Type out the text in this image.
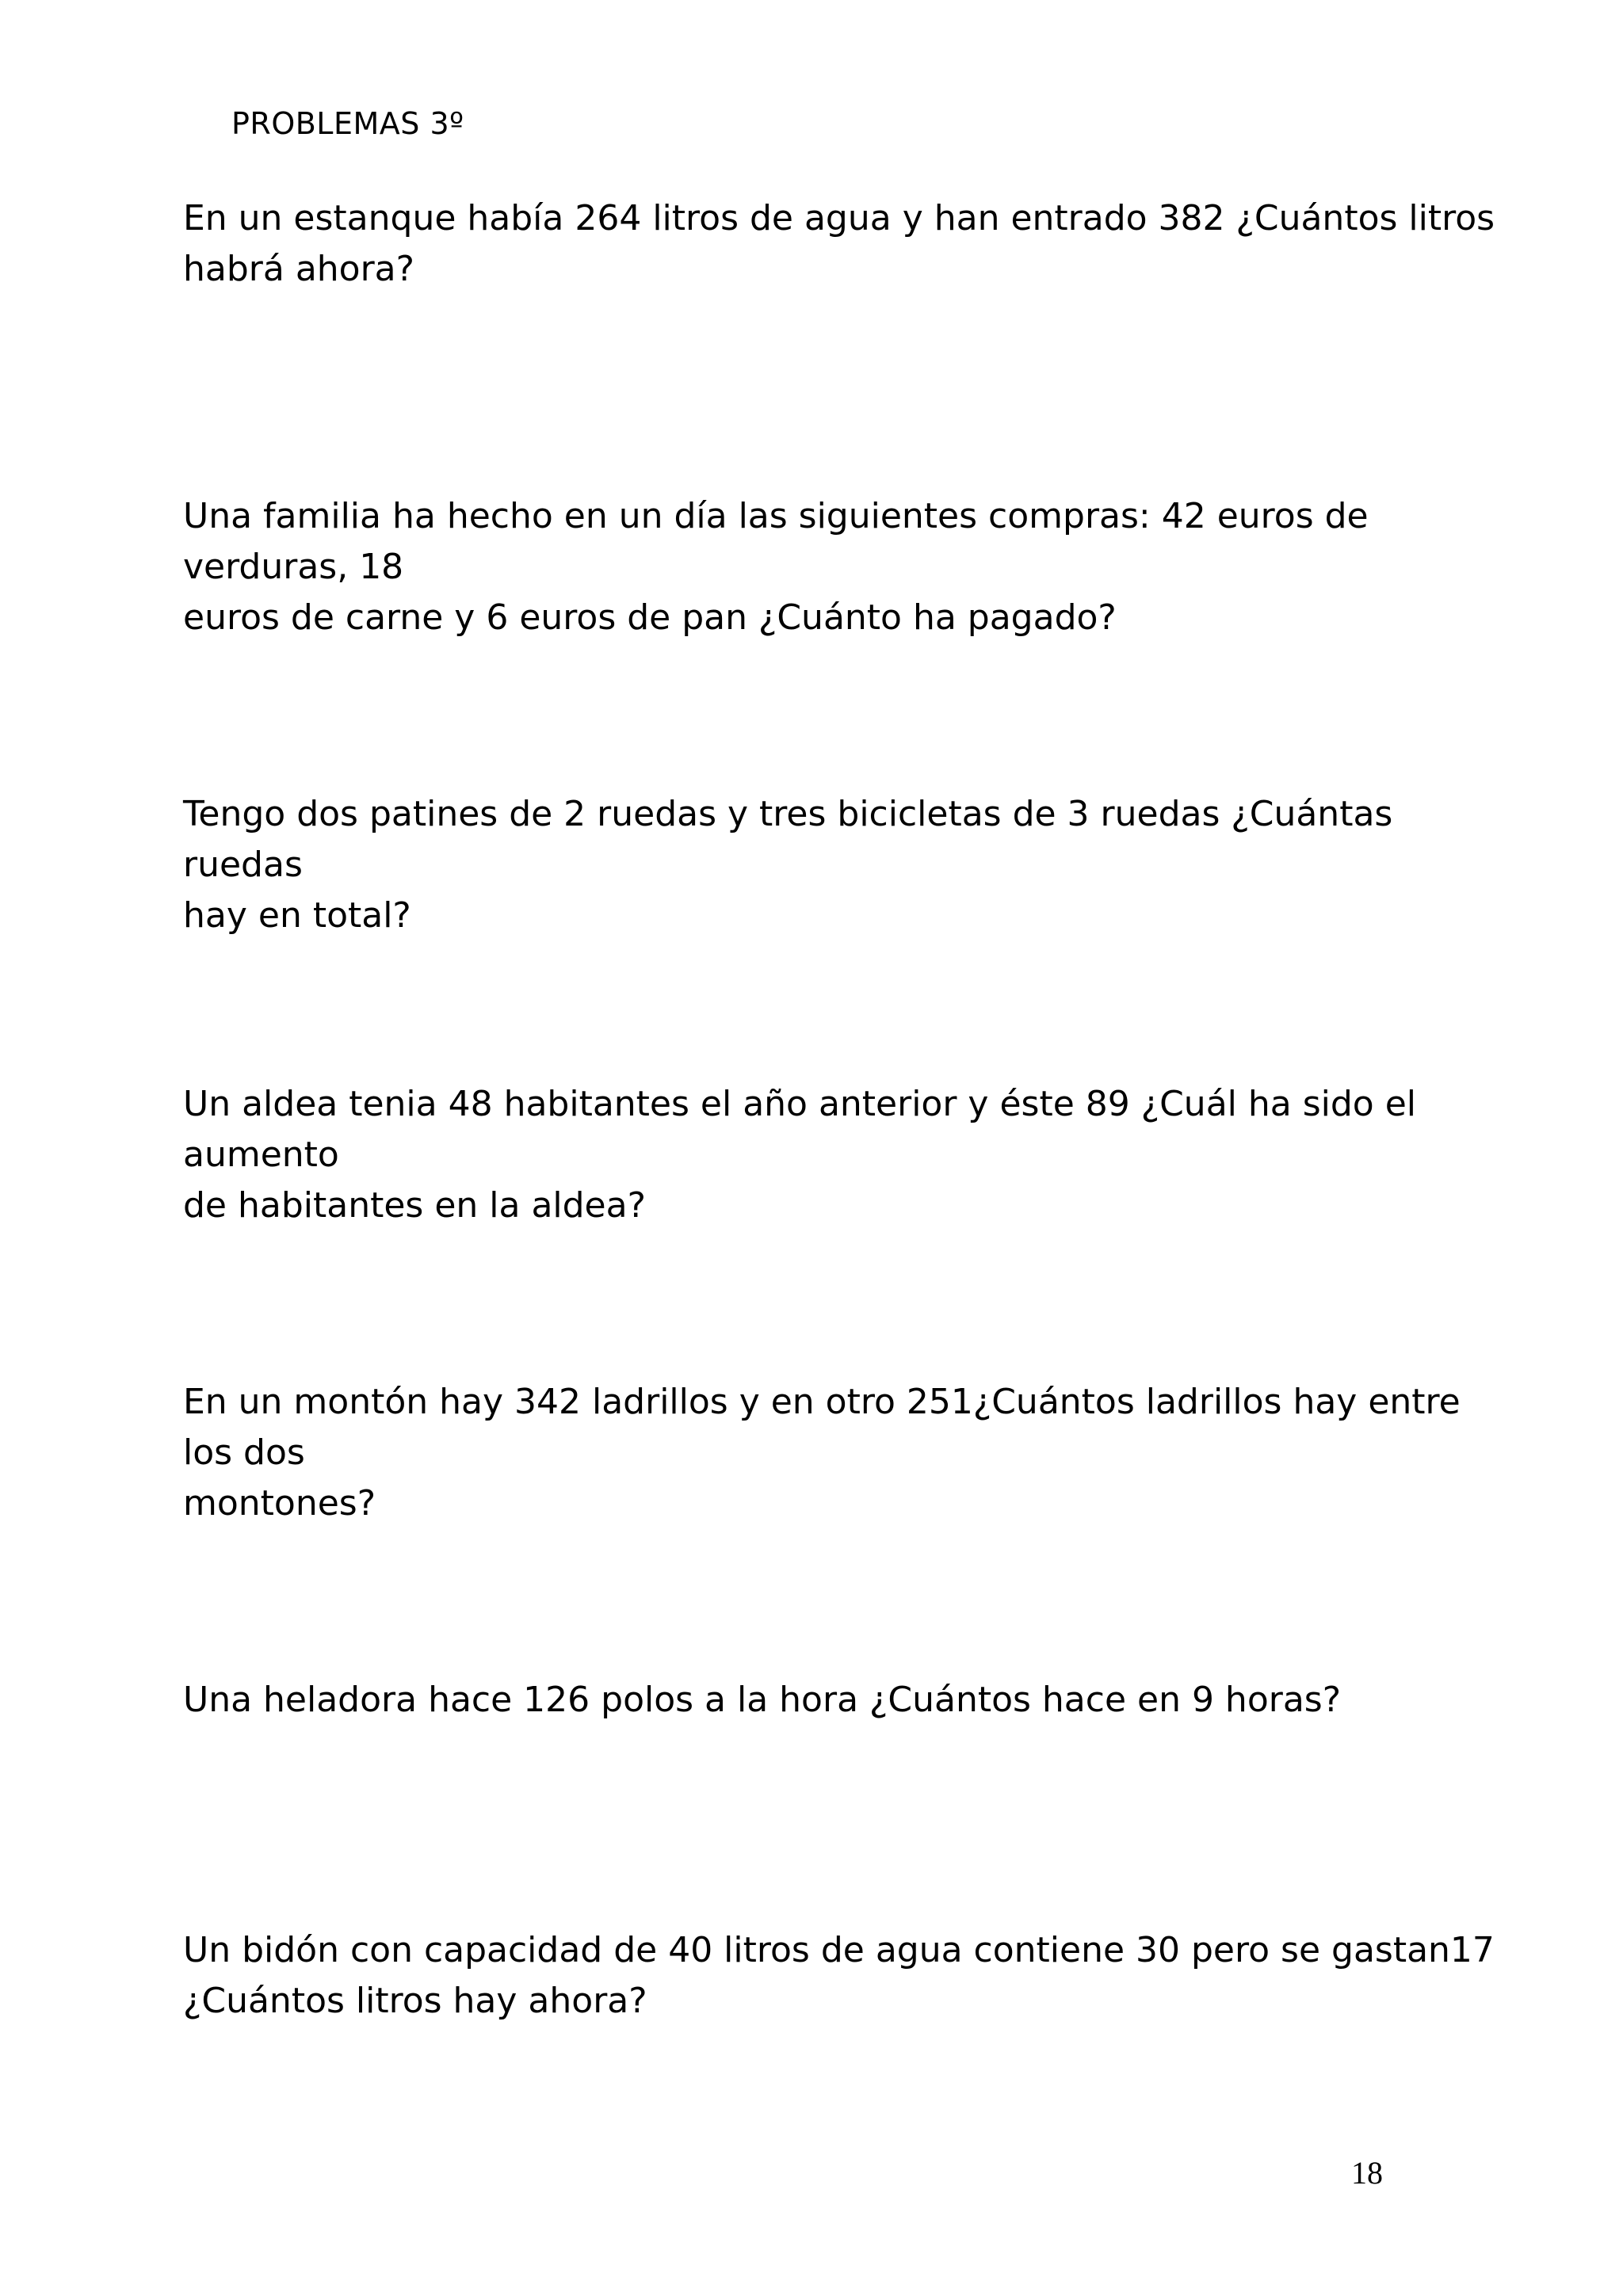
PROBLEMAS 3º
En un estanque había 264 litros de agua y han entrado 382 ¿Cuántos litros
habrá ahora?
Una familia ha hecho en un día las siguientes compras: 42 euros de verduras, 18
euros de carne y 6 euros de pan ¿Cuánto ha pagado?
Tengo dos patines de 2 ruedas y tres bicicletas de 3 ruedas ¿Cuántas ruedas
hay en total?
Un aldea tenia 48 habitantes el año anterior y éste 89 ¿Cuál ha sido el aumento
de habitantes en la aldea?
En un montón hay 342 ladrillos y en otro 251¿Cuántos ladrillos hay entre los dos
montones?
Una heladora hace 126 polos a la hora ¿Cuántos hace en 9 horas?
Un bidón con capacidad de 40 litros de agua contiene 30 pero se gastan17
¿Cuántos litros hay ahora?
18
